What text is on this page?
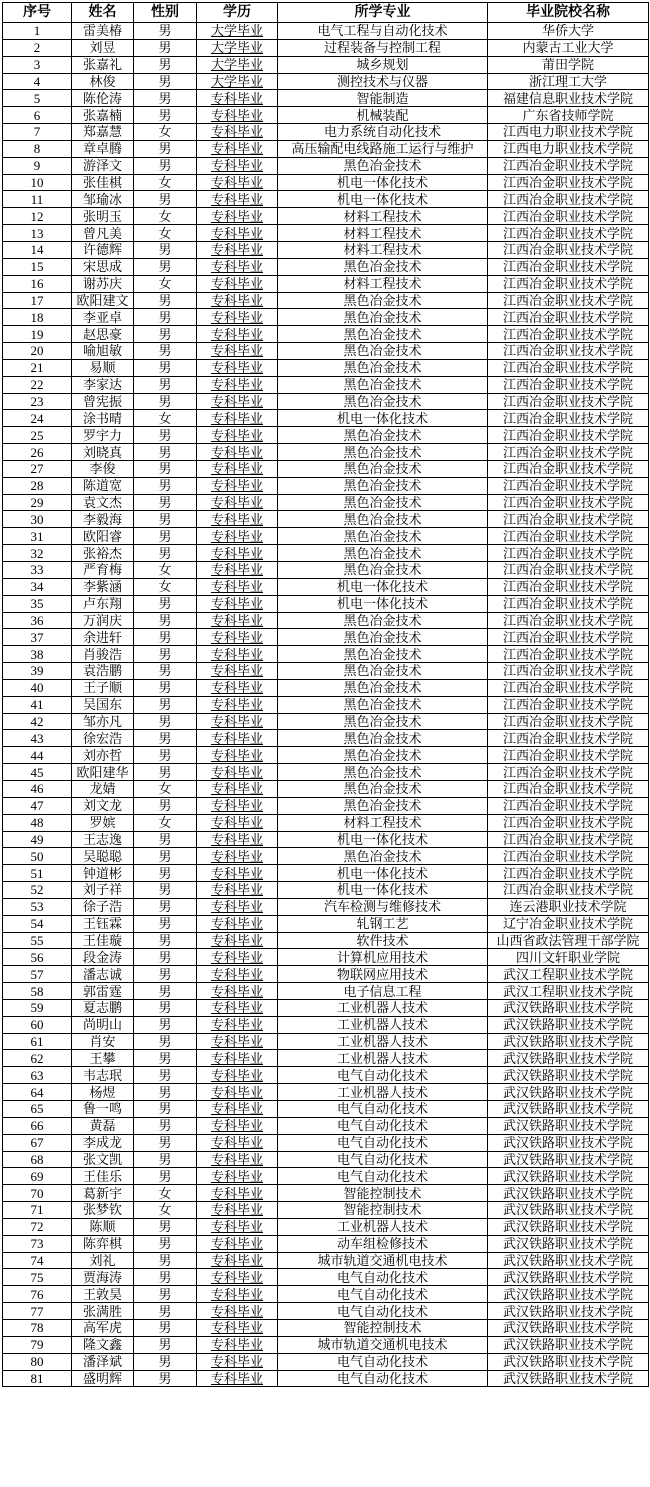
序号	姓名	性别	学历	所学专业	毕业院校名称
1	雷美椿	男	大学毕业	电气工程与自动化技术	华侨大学
2	刘昱	男	大学毕业	过程装备与控制工程	内蒙古工业大学
3	张嘉礼	男	大学毕业	城乡规划	莆田学院
4	林俊	男	大学毕业	测控技术与仪器	浙江理工大学
5	陈伦涛	男	专科毕业	智能制造	福建信息职业技术学院
6	张嘉楠	男	专科毕业	机械装配	广东省技师学院
7	郑嘉慧	女	专科毕业	电力系统自动化技术	江西电力职业技术学院
8	章卓腾	男	专科毕业	高压输配电线路施工运行与维护	江西电力职业技术学院
9	游泽文	男	专科毕业	黑色冶金技术	江西冶金职业技术学院
10	张佳棋	女	专科毕业	机电一体化技术	江西冶金职业技术学院
11	邹瑜冰	男	专科毕业	机电一体化技术	江西冶金职业技术学院
12	张明玉	女	专科毕业	材料工程技术	江西冶金职业技术学院
13	曾凡美	女	专科毕业	材料工程技术	江西冶金职业技术学院
14	许德辉	男	专科毕业	材料工程技术	江西冶金职业技术学院
15	宋思成	男	专科毕业	黑色冶金技术	江西冶金职业技术学院
16	谢苏庆	女	专科毕业	材料工程技术	江西冶金职业技术学院
17	欧阳建文	男	专科毕业	黑色冶金技术	江西冶金职业技术学院
18	李亚卓	男	专科毕业	黑色冶金技术	江西冶金职业技术学院
19	赵思豪	男	专科毕业	黑色冶金技术	江西冶金职业技术学院
20	喻旭敏	男	专科毕业	黑色冶金技术	江西冶金职业技术学院
21	易顺	男	专科毕业	黑色冶金技术	江西冶金职业技术学院
22	李家达	男	专科毕业	黑色冶金技术	江西冶金职业技术学院
23	曾宪振	男	专科毕业	黑色冶金技术	江西冶金职业技术学院
24	涂书晴	女	专科毕业	机电一体化技术	江西冶金职业技术学院
25	罗宇力	男	专科毕业	黑色冶金技术	江西冶金职业技术学院
26	刘晓真	男	专科毕业	黑色冶金技术	江西冶金职业技术学院
27	李俊	男	专科毕业	黑色冶金技术	江西冶金职业技术学院
28	陈道宽	男	专科毕业	黑色冶金技术	江西冶金职业技术学院
29	袁文杰	男	专科毕业	黑色冶金技术	江西冶金职业技术学院
30	李毅海	男	专科毕业	黑色冶金技术	江西冶金职业技术学院
31	欧阳睿	男	专科毕业	黑色冶金技术	江西冶金职业技术学院
32	张裕杰	男	专科毕业	黑色冶金技术	江西冶金职业技术学院
33	严育梅	女	专科毕业	黑色冶金技术	江西冶金职业技术学院
34	李紫涵	女	专科毕业	机电一体化技术	江西冶金职业技术学院
35	卢东翔	男	专科毕业	机电一体化技术	江西冶金职业技术学院
36	万润庆	男	专科毕业	黑色冶金技术	江西冶金职业技术学院
37	余进轩	男	专科毕业	黑色冶金技术	江西冶金职业技术学院
38	肖骏浩	男	专科毕业	黑色冶金技术	江西冶金职业技术学院
39	袁浩鹏	男	专科毕业	黑色冶金技术	江西冶金职业技术学院
40	王子顺	男	专科毕业	黑色冶金技术	江西冶金职业技术学院
41	吴国东	男	专科毕业	黑色冶金技术	江西冶金职业技术学院
42	邹亦凡	男	专科毕业	黑色冶金技术	江西冶金职业技术学院
43	徐宏浩	男	专科毕业	黑色冶金技术	江西冶金职业技术学院
44	刘亦哲	男	专科毕业	黑色冶金技术	江西冶金职业技术学院
45	欧阳建华	男	专科毕业	黑色冶金技术	江西冶金职业技术学院
46	龙婧	女	专科毕业	黑色冶金技术	江西冶金职业技术学院
47	刘文龙	男	专科毕业	黑色冶金技术	江西冶金职业技术学院
48	罗嫔	女	专科毕业	材料工程技术	江西冶金职业技术学院
49	王志逸	男	专科毕业	机电一体化技术	江西冶金职业技术学院
50	吴聪聪	男	专科毕业	黑色冶金技术	江西冶金职业技术学院
51	钟道彬	男	专科毕业	机电一体化技术	江西冶金职业技术学院
52	刘子祥	男	专科毕业	机电一体化技术	江西冶金职业技术学院
53	徐子浩	男	专科毕业	汽车检测与维修技术	连云港职业技术学院
54	王钰霖	男	专科毕业	轧钢工艺	辽宁冶金职业技术学院
55	王佳璇	男	专科毕业	软件技术	山西省政法管理干部学院
56	段金涛	男	专科毕业	计算机应用技术	四川文轩职业学院
57	潘志诚	男	专科毕业	物联网应用技术	武汉工程职业技术学院
58	郭雷霆	男	专科毕业	电子信息工程	武汉工程职业技术学院
59	夏志鹏	男	专科毕业	工业机器人技术	武汉铁路职业技术学院
60	尚明山	男	专科毕业	工业机器人技术	武汉铁路职业技术学院
61	肖安	男	专科毕业	工业机器人技术	武汉铁路职业技术学院
62	王攀	男	专科毕业	工业机器人技术	武汉铁路职业技术学院
63	韦志珉	男	专科毕业	电气自动化技术	武汉铁路职业技术学院
64	杨煜	男	专科毕业	工业机器人技术	武汉铁路职业技术学院
65	鲁一鸣	男	专科毕业	电气自动化技术	武汉铁路职业技术学院
66	黄磊	男	专科毕业	电气自动化技术	武汉铁路职业技术学院
67	李成龙	男	专科毕业	电气自动化技术	武汉铁路职业技术学院
68	张文凯	男	专科毕业	电气自动化技术	武汉铁路职业技术学院
69	王佳乐	男	专科毕业	电气自动化技术	武汉铁路职业技术学院
70	葛新宇	女	专科毕业	智能控制技术	武汉铁路职业技术学院
71	张梦钦	女	专科毕业	智能控制技术	武汉铁路职业技术学院
72	陈顺	男	专科毕业	工业机器人技术	武汉铁路职业技术学院
73	陈弈棋	男	专科毕业	动车组检修技术	武汉铁路职业技术学院
74	刘礼	男	专科毕业	城市轨道交通机电技术	武汉铁路职业技术学院
75	贾海涛	男	专科毕业	电气自动化技术	武汉铁路职业技术学院
76	王敦昊	男	专科毕业	电气自动化技术	武汉铁路职业技术学院
77	张满胜	男	专科毕业	电气自动化技术	武汉铁路职业技术学院
78	高军虎	男	专科毕业	智能控制技术	武汉铁路职业技术学院
79	隆文鑫	男	专科毕业	城市轨道交通机电技术	武汉铁路职业技术学院
80	潘泽斌	男	专科毕业	电气自动化技术	武汉铁路职业技术学院
81	盛明辉	男	专科毕业	电气自动化技术	武汉铁路职业技术学院
